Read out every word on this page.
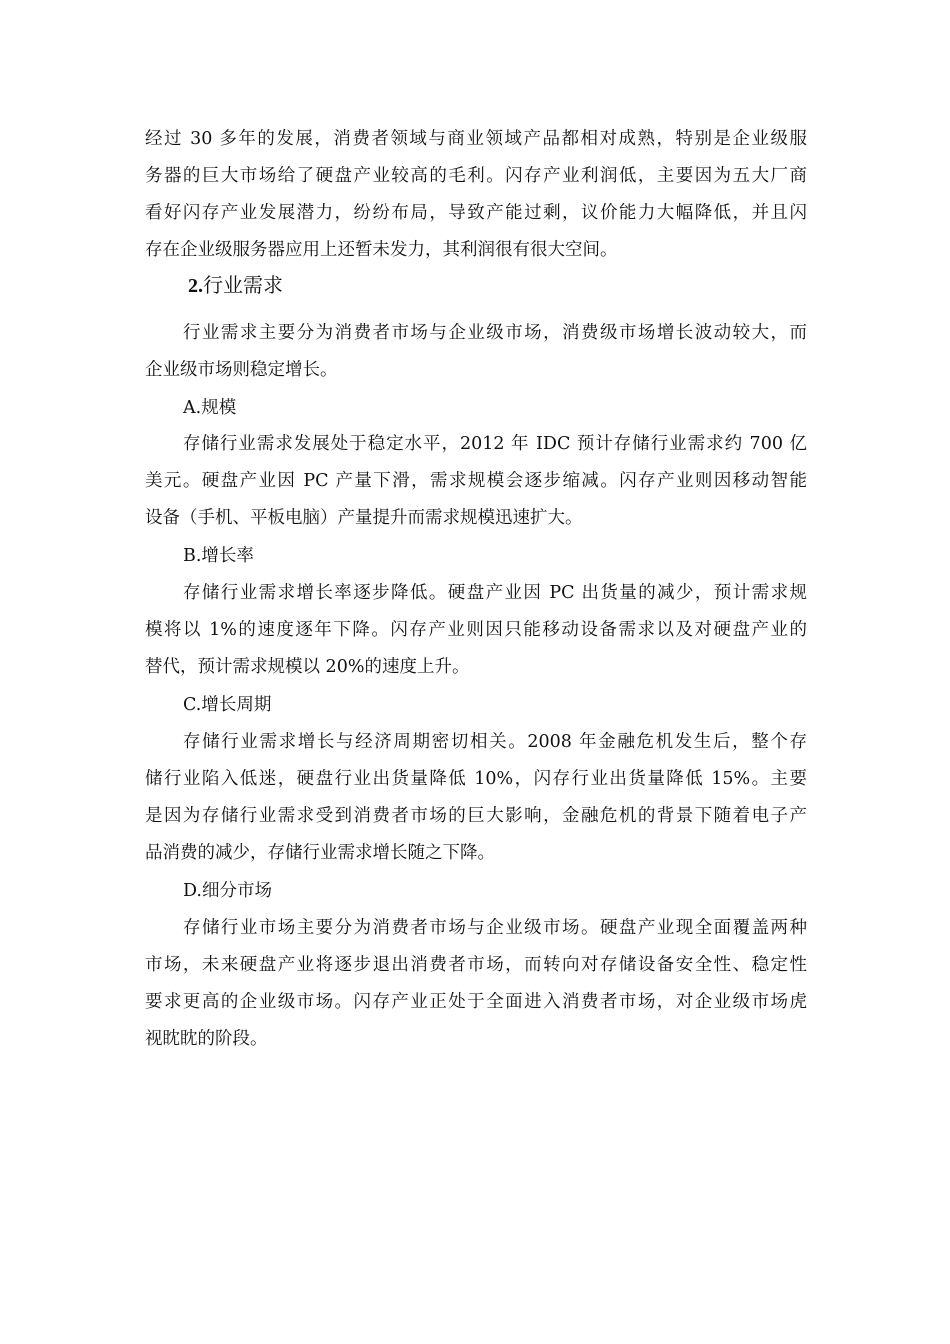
经过 30 多年的发展，消费者领域与商业领域产品都相对成熟，特别是企业级服
务器的巨大市场给了硬盘产业较高的毛利。闪存产业利润低，主要因为五大厂商
看好闪存产业发展潜力，纷纷布局，导致产能过剩，议价能力大幅降低，并且闪
存在企业级服务器应用上还暂未发力，其利润很有很大空间。
2.行业需求
行业需求主要分为消费者市场与企业级市场，消费级市场增长波动较大，而
企业级市场则稳定增长。
A.规模
存储行业需求发展处于稳定水平，2012 年 IDC 预计存储行业需求约 700 亿
美元。硬盘产业因 PC 产量下滑，需求规模会逐步缩减。闪存产业则因移动智能
设备（手机、平板电脑）产量提升而需求规模迅速扩大。
B.增长率
存储行业需求增长率逐步降低。硬盘产业因 PC 出货量的减少，预计需求规
模将以 1%的速度逐年下降。闪存产业则因只能移动设备需求以及对硬盘产业的
替代，预计需求规模以 20%的速度上升。
C.增长周期
存储行业需求增长与经济周期密切相关。2008 年金融危机发生后，整个存
储行业陷入低迷，硬盘行业出货量降低 10%，闪存行业出货量降低 15%。主要
是因为存储行业需求受到消费者市场的巨大影响，金融危机的背景下随着电子产
品消费的减少，存储行业需求增长随之下降。
D.细分市场
存储行业市场主要分为消费者市场与企业级市场。硬盘产业现全面覆盖两种
市场，未来硬盘产业将逐步退出消费者市场，而转向对存储设备安全性、稳定性
要求更高的企业级市场。闪存产业正处于全面进入消费者市场，对企业级市场虎
视眈眈的阶段。
